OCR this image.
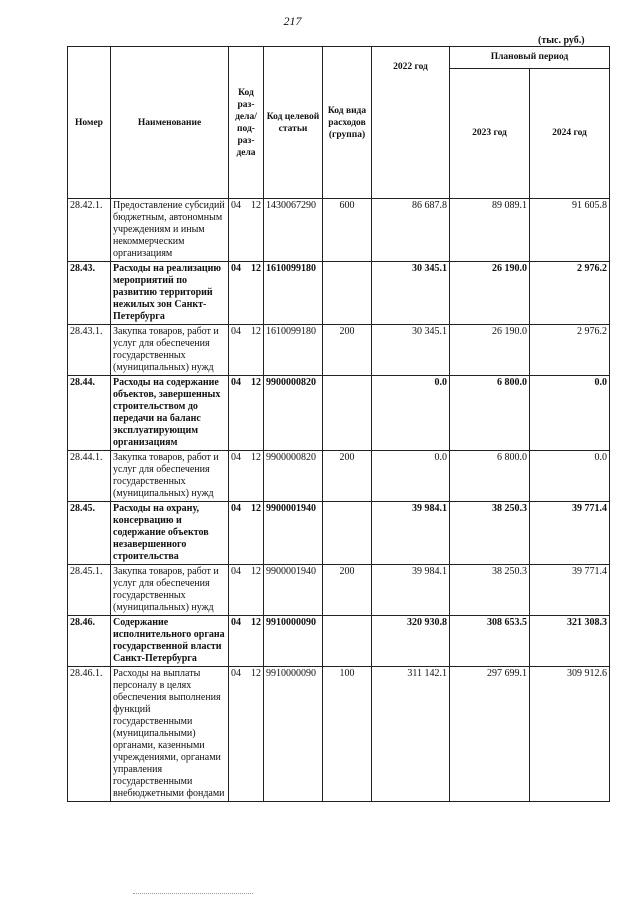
217
(тыс. руб.)
Номер	Наименование	Код раз-дела/ под-раз-дела	Код целевой статьи	Код вида расходов (группа)	2022 год	Плановый период	
						2023 год	2024 год
28.42.1.	Предоставление субсидий бюджетным, автономным учреждениям и иным некоммерческим организациям	04 12	1430067290	600	86 687.8	89 089.1	91 605.8
28.43.	Расходы на реализацию мероприятий по развитию территорий нежилых зон Санкт-Петербурга	04 12	1610099180		30 345.1	26 190.0	2 976.2
28.43.1.	Закупка товаров, работ и услуг для обеспечения государственных (муниципальных) нужд	04 12	1610099180	200	30 345.1	26 190.0	2 976.2
28.44.	Расходы на содержание объектов, завершенных строительством до передачи на баланс эксплуатирующим организациям	04 12	9900000820		0.0	6 800.0	0.0
28.44.1.	Закупка товаров, работ и услуг для обеспечения государственных (муниципальных) нужд	04 12	9900000820	200	0.0	6 800.0	0.0
28.45.	Расходы на охрану, консервацию и содержание объектов незавершенного строительства	04 12	9900001940		39 984.1	38 250.3	39 771.4
28.45.1.	Закупка товаров, работ и услуг для обеспечения государственных (муниципальных) нужд	04 12	9900001940	200	39 984.1	38 250.3	39 771.4
28.46.	Содержание исполнительного органа государственной власти Санкт-Петербурга	04 12	9910000090		320 930.8	308 653.5	321 308.3
28.46.1.	Расходы на выплаты персоналу в целях обеспечения выполнения функций государственными (муниципальными) органами, казенными учреждениями, органами управления государственными внебюджетными фондами	04 12	9910000090	100	311 142.1	297 699.1	309 912.6
